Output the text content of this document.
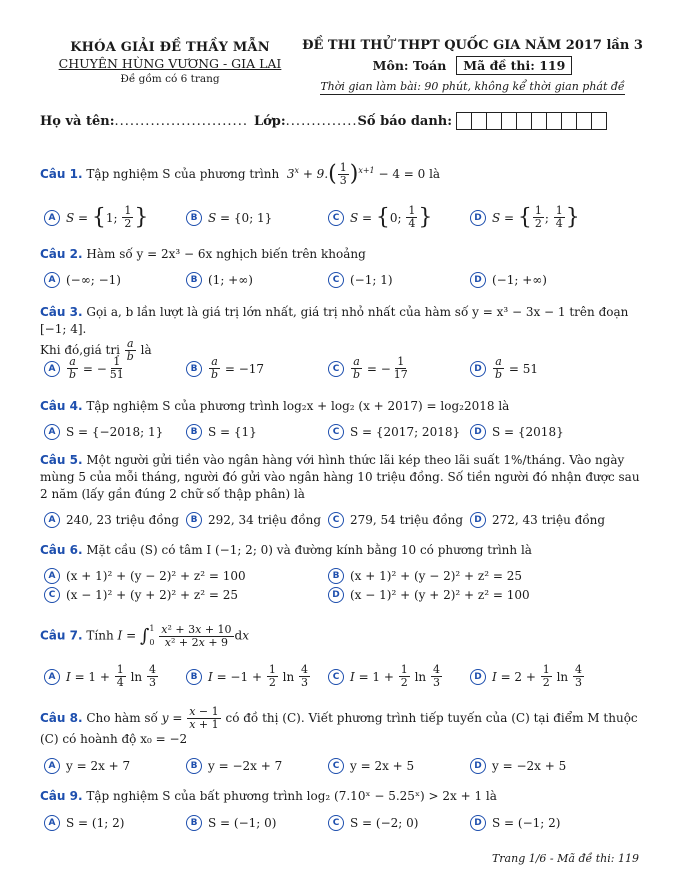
KHÓA GIẢI ĐỀ THẦY MẪN
CHUYÊN HÙNG VƯƠNG - GIA LAI
Đề gồm có 6 trang
ĐỀ THI THỬ THPT QUỐC GIA NĂM 2017 lần 3
Môn: Toán	Mã đề thi: 119
Thời gian làm bài: 90 phút, không kể thời gian phát đề
Họ và tên: .......................... Lớp: .............. Số báo danh:
Câu 1. Tập nghiệm S của phương trình  $3^x + 9.( \frac{1}{3} )^{x+1} - 4 = 0$ là
A S = { 1; $\frac{1}{2}$ }	B S = {0; 1}	C S = { 0; $\frac{1}{4}$ }	D S = { $\frac{1}{2}$ ; $\frac{1}{4}$ }
Câu 2. Hàm số y = 2x³ − 6x nghịch biến trên khoảng
A (−∞; −1)	B (1; +∞)	C (−1; 1)	D (−1; +∞)
Câu 3. Gọi a, b lần lượt là giá trị lớn nhất, giá trị nhỏ nhất của hàm số y = x³ − 3x − 1 trên đoạn [−1; 4].
Khi đó,giá trị $\frac{a}{b}$ là
A	$\frac{a}{b}$ = − $\frac{1}{51}$	B	$\frac{a}{b} = -17$	C	$\frac{a}{b}$ = − $\frac{1}{17}$	D	$\frac{a}{b} = 51$
Câu 4. Tập nghiệm S của phương trình log₂x + log₂ (x + 2017) = log₂2018 là
A S = {−2018; 1}	B S = {1}	C S = {2017; 2018}	D S = {2018}
Câu 5. Một người gửi tiền vào ngân hàng với hình thức lãi kép theo lãi suất 1%/tháng. Vào ngày mùng 5 của mỗi tháng, người đó gửi vào ngân hàng 10 triệu đồng. Số tiền người đó nhận được sau 2 năm (lấy gần đúng 2 chữ số thập phân) là
A 240, 23 triệu đồng	B 292, 34 triệu đồng	C 279, 54 triệu đồng	D 272, 43 triệu đồng
Câu 6. Mặt cầu (S) có tâm I (−1; 2; 0) và đường kính bằng 10 có phương trình là
A (x + 1)² + (y − 2)² + z² = 100	B (x + 1)² + (y − 2)² + z² = 25
C (x − 1)² + (y + 2)² + z² = 25	D (x − 1)² + (y + 2)² + z² = 100
Câu 7. Tính I = ∫ 1
0
$\frac{\text{x² + 3x + 10}}{\text{x² + 2x + 9}}$ dx
A $I = 1 + \frac{1}{4}$ $\ln \frac{4}{3}$	B $I = -1 + \frac{1}{2}$ $\ln \frac{4}{3}$	C $I = 1 + \frac{1}{2}$ $\ln \frac{4}{3}$	D $I = 2 + \frac{1}{2}$ $\ln \frac{4}{3}$
Câu 8. Cho hàm số $y = \frac{x - 1}{x + 1}$ có đồ thị (C). Viết phương trình tiếp tuyến của (C) tại điểm M thuộc
(C) có hoành độ x₀ = −2
A y = 2x + 7	B y = −2x + 7	C y = 2x + 5	D y = −2x + 5
Câu 9. Tập nghiệm S của bất phương trình log₂ (7.10ˣ − 5.25ˣ) > 2x + 1 là
A S = (1; 2)	B S = (−1; 0)	C S = (−2; 0)	D S = (−1; 2)
Trang 1/6 - Mã đề thi: 119
